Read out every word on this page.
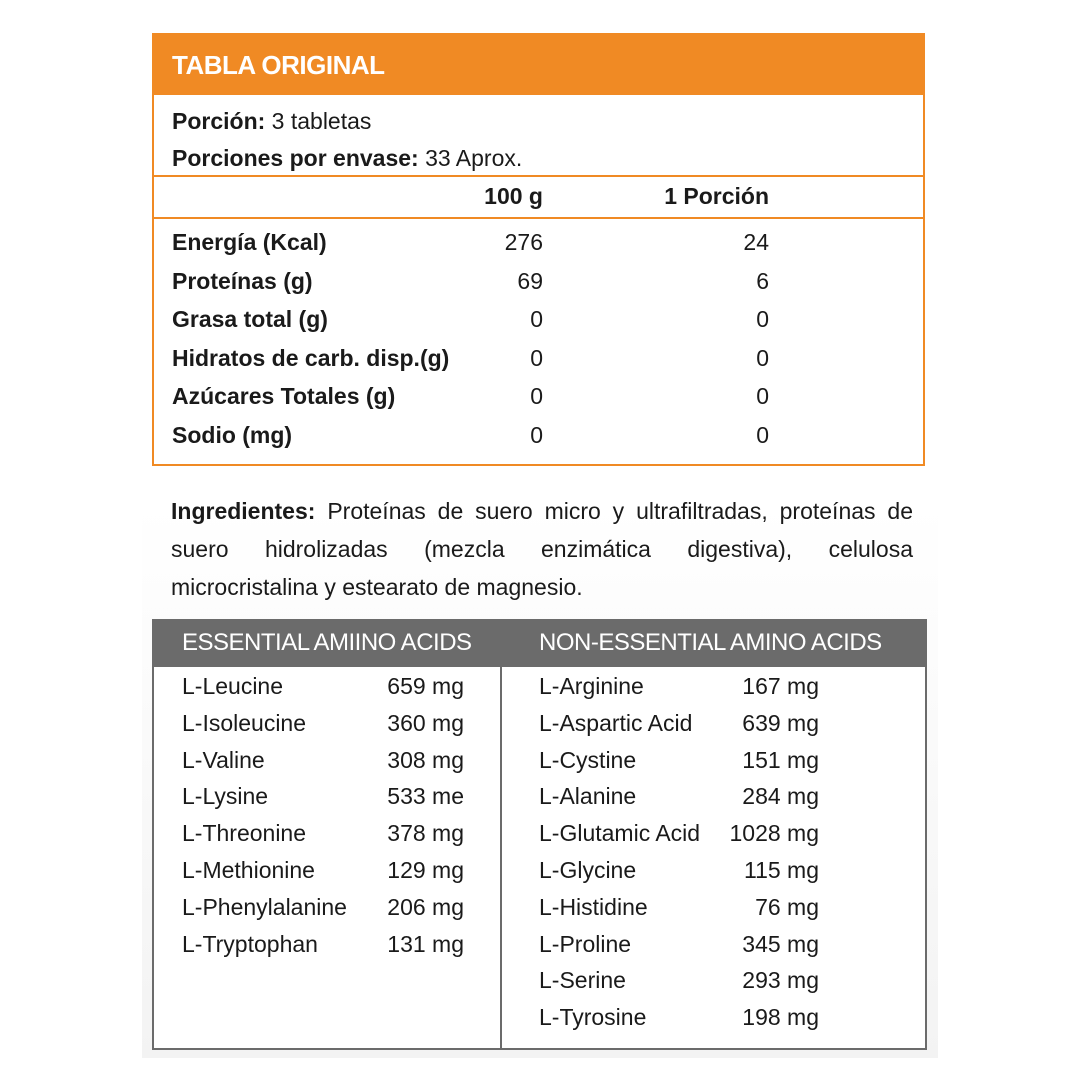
TABLA ORIGINAL
Porción: 3 tabletas
Porciones por envase: 33 Aprox.
100 g	1 Porción
Energía (Kcal)	276	24
Proteínas (g)	69	6
Grasa total (g)	0	0
Hidratos de carb. disp.(g)	0	0
Azúcares Totales (g)	0	0
Sodio (mg)	0	0
Ingredientes: Proteínas de suero micro y ultrafiltradas, proteínas de suero hidrolizadas (mezcla enzimática digestiva), celulosa microcristalina y estearato de magnesio.
ESSENTIAL AMIINO ACIDS	NON-ESSENTIAL AMINO ACIDS
L-Leucine	659 mg
L-Isoleucine	360 mg
L-Valine	308 mg
L-Lysine	533 me
L-Threonine	378 mg
L-Methionine	129 mg
L-Phenylalanine 206 mg
L-Tryptophan	131 mg
L-Arginine	167 mg
L-Aspartic Acid	639 mg
L-Cystine	151 mg
L-Alanine	284 mg
L-Glutamic Acid	1028 mg
L-Glycine	115 mg
L-Histidine	76 mg
L-Proline	345 mg
L-Serine	293 mg
L-Tyrosine	198 mg
